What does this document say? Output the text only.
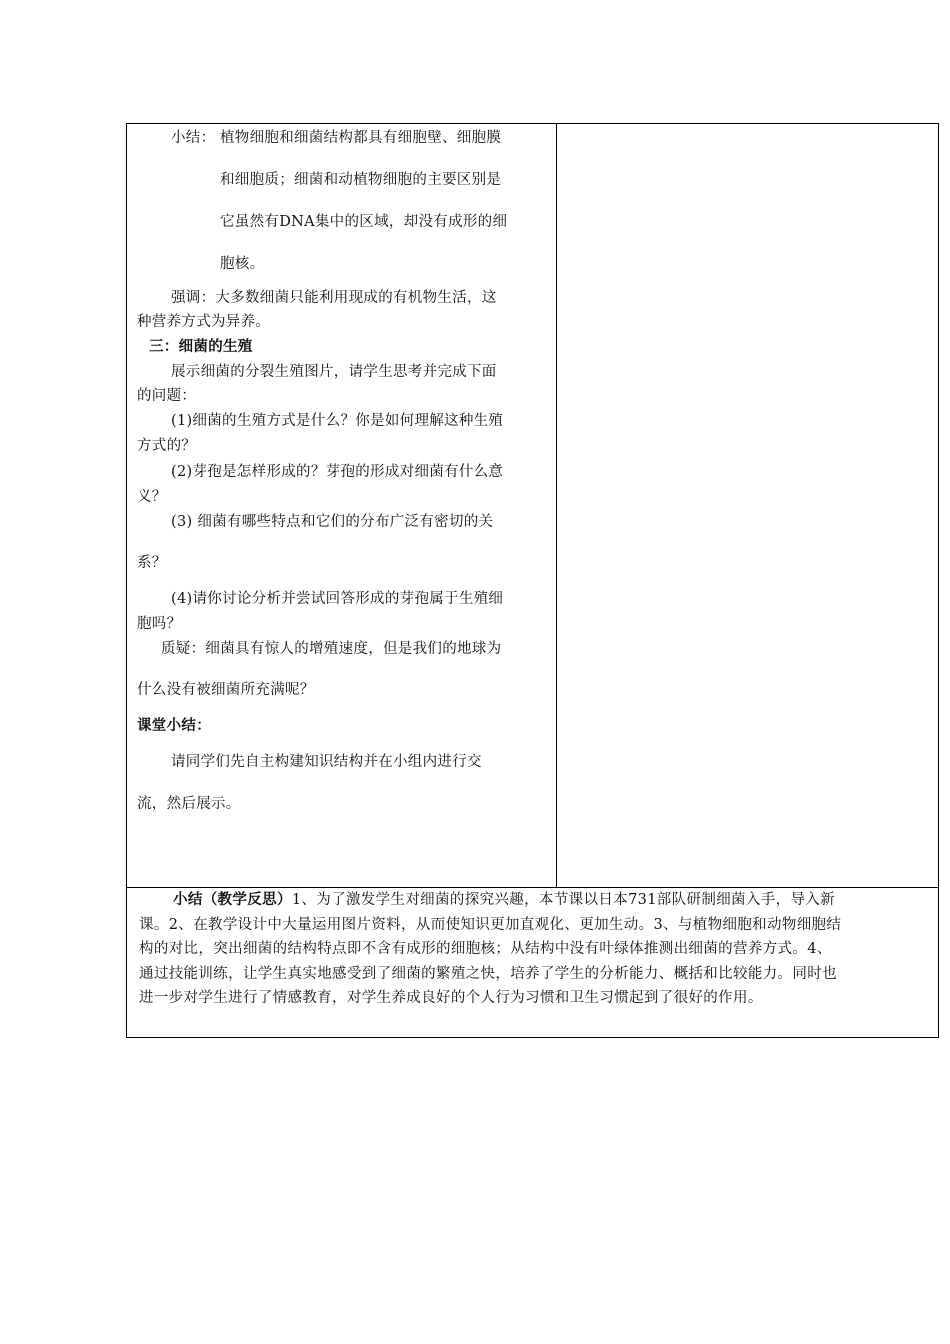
小结： 植物细胞和细菌结构都具有细胞壁、细胞膜
和细胞质；细菌和动植物细胞的主要区别是
它虽然有DNA集中的区域，却没有成形的细
胞核。
强调：大多数细菌只能利用现成的有机物生活，这
种营养方式为异养。
三：细菌的生殖
展示细菌的分裂生殖图片，请学生思考并完成下面
的问题：
(1)细菌的生殖方式是什么？你是如何理解这种生殖
方式的？
(2)芽孢是怎样形成的？芽孢的形成对细菌有什么意
义？
(3) 细菌有哪些特点和它们的分布广泛有密切的关
系？
(4)请你讨论分析并尝试回答形成的芽孢属于生殖细
胞吗？
质疑：细菌具有惊人的增殖速度，但是我们的地球为
什么没有被细菌所充满呢？
课堂小结：
请同学们先自主构建知识结构并在小组内进行交
流，然后展示。
小结（教学反思）1、为了激发学生对细菌的探究兴趣，本节课以日本731部队研制细菌入手，导入新
课。2、在教学设计中大量运用图片资料，从而使知识更加直观化、更加生动。3、与植物细胞和动物细胞结
构的对比，突出细菌的结构特点即不含有成形的细胞核；从结构中没有叶绿体推测出细菌的营养方式。4、
通过技能训练，让学生真实地感受到了细菌的繁殖之快，培养了学生的分析能力、概括和比较能力。同时也
进一步对学生进行了情感教育，对学生养成良好的个人行为习惯和卫生习惯起到了很好的作用。
